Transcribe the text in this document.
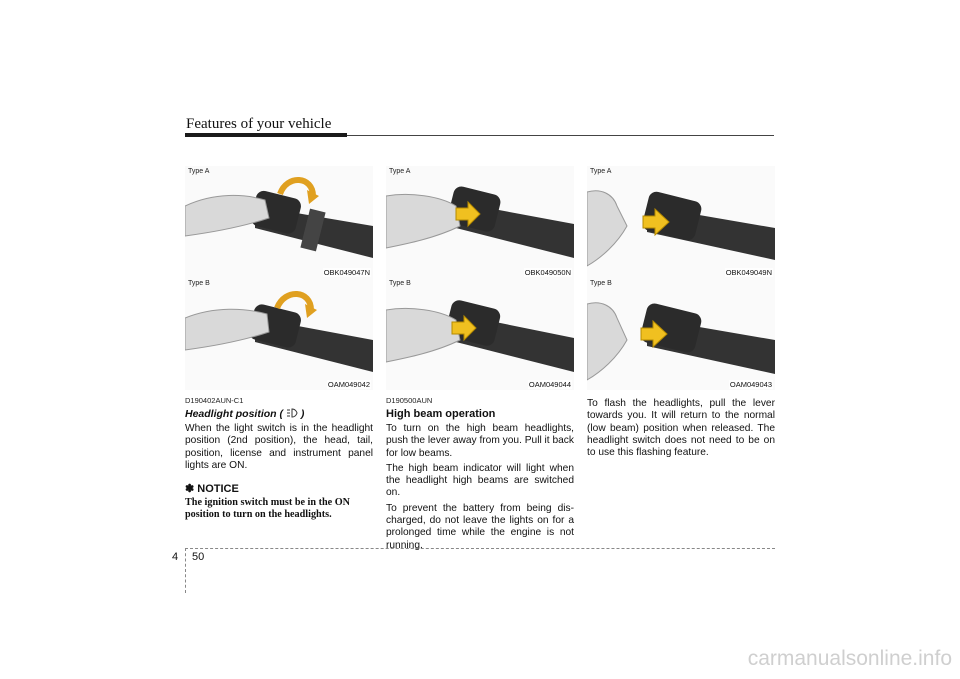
Features of your vehicle
Type A
OBK049047N
Type B
OAM049042
D190402AUN-C1
Headlight position ( )
When the light switch is in the headlight position (2nd position), the head, tail, position, license and instrument panel lights are ON.
✽ NOTICE
The ignition switch must be in the ON position to turn on the headlights.
Type A
OBK049050N
Type B
OAM049044
D190500AUN
High beam operation
To turn on the high beam headlights, push the lever away from you. Pull it back for low beams.
The high beam indicator will light when the headlight high beams are switched on.
To prevent the battery from being dis-charged, do not leave the lights on for a prolonged time while the engine is not running.
Type A
OBK049049N
Type B
OAM049043
To flash the headlights, pull the lever towards you. It will return to the normal (low beam) position when released. The headlight switch does not need to be on to use this flashing feature.
4 50
carmanualsonline.info
